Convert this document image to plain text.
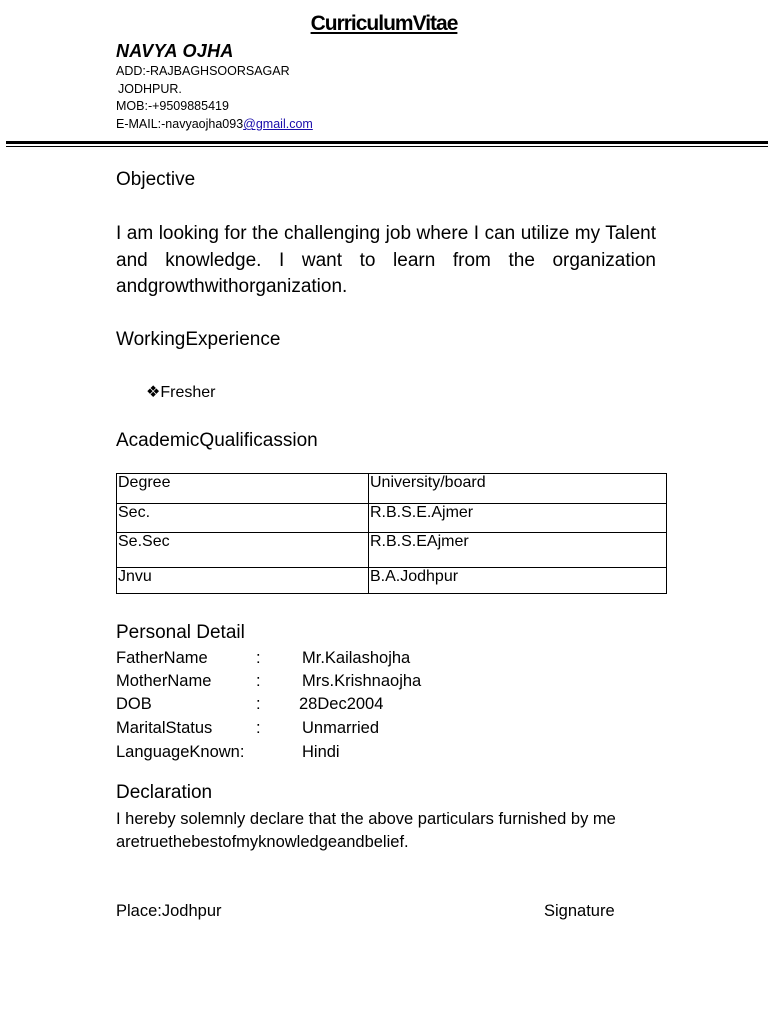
CurriculumVitae
NAVYA OJHA
ADD:-RAJBAGHSOORSAGAR
JODHPUR.
MOB:-+9509885419
E-MAIL:-navyaojha093@gmail.com
Objective
I am looking for the challenging job where I can utilize my Talent and knowledge. I want to learn from the organization andgrowthwithorganization.
WorkingExperience
❖Fresher
AcademicQualificassion
Degree	University/board
Sec.	R.B.S.E.Ajmer
Se.Sec	R.B.S.EAjmer
Jnvu	B.A.Jodhpur
Personal Detail
FatherName	:	Mr.Kailashojha
MotherName	:	Mrs.Krishnaojha
DOB	: 28Dec2004
MaritalStatus	:	Unmarried
LanguageKnown:	Hindi
Declaration
I hereby solemnly declare that the above particulars furnished by me
aretruethebestofmyknowledgeandbelief.
Place:Jodhpur	Signature
